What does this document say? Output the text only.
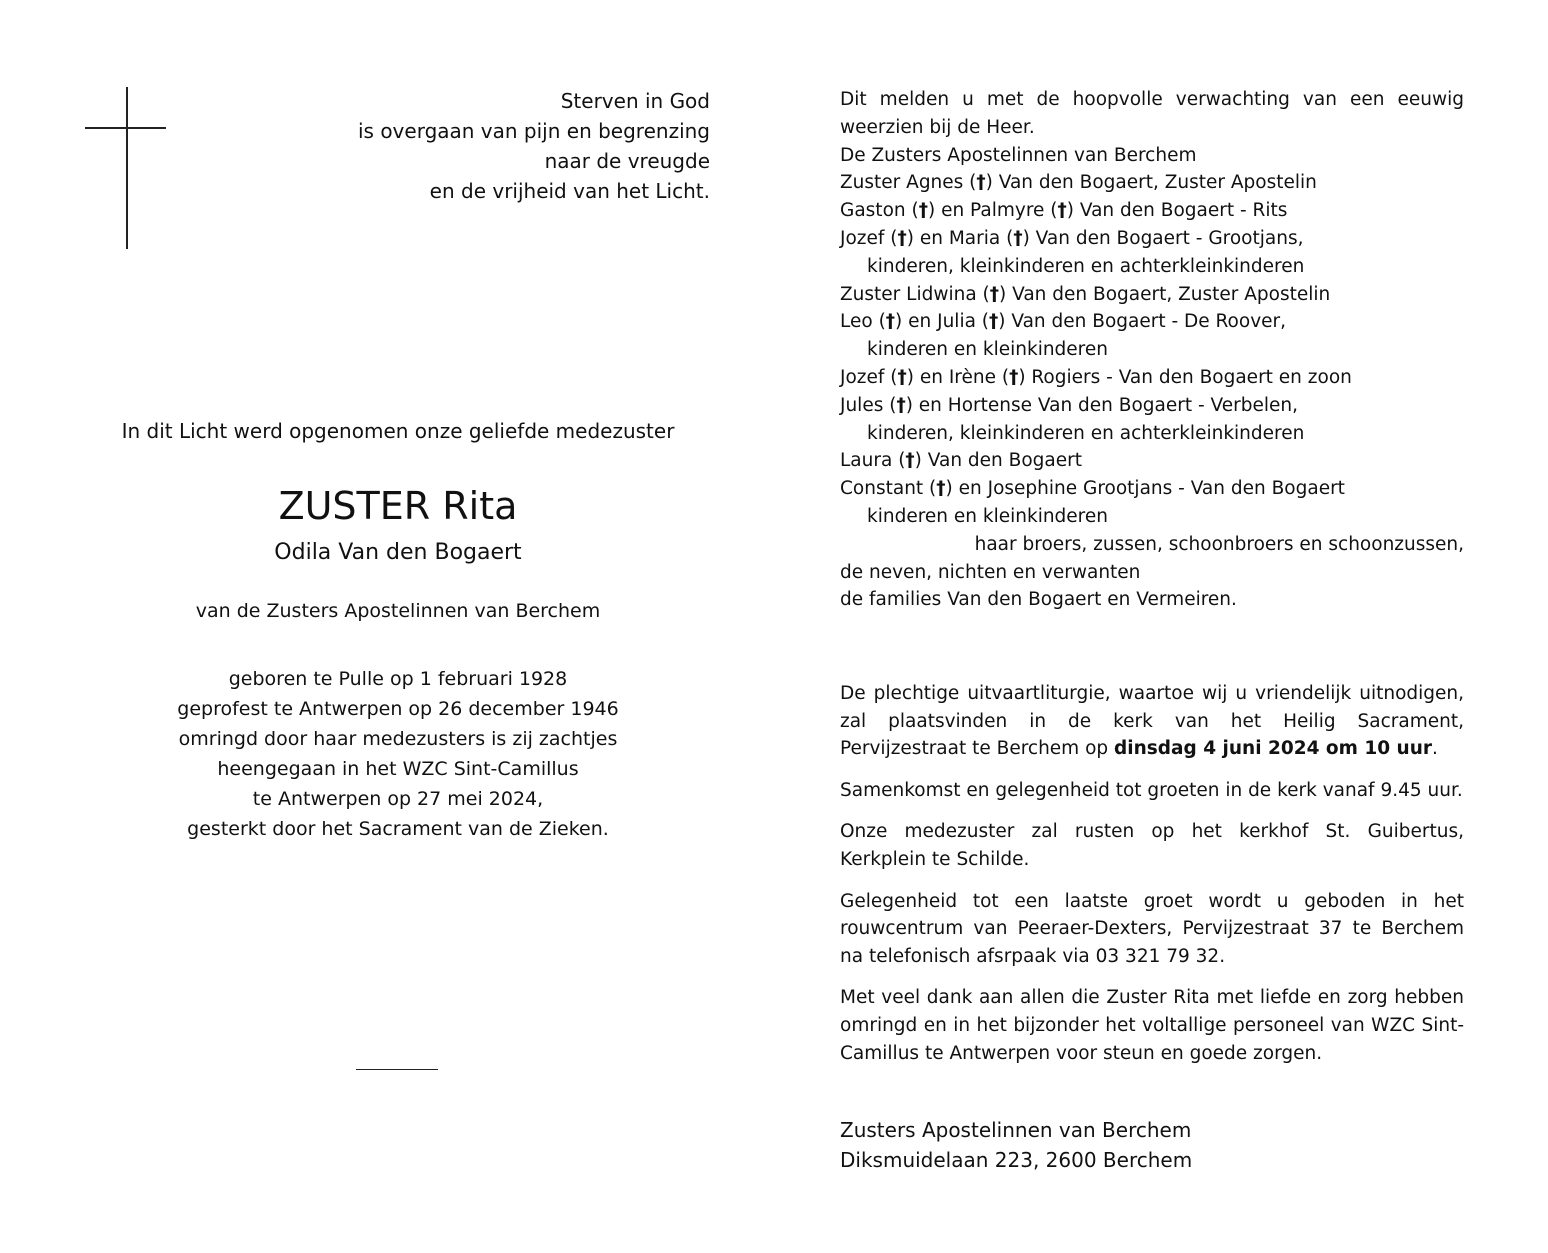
Sterven in God
is overgaan van pijn en begrenzing
naar de vreugde
en de vrijheid van het Licht.
In dit Licht werd opgenomen onze geliefde medezuster
ZUSTER Rita
Odila Van den Bogaert
van de Zusters Apostelinnen van Berchem
geboren te Pulle op 1 februari 1928
geprofest te Antwerpen op 26 december 1946
omringd door haar medezusters is zij zachtjes
heengegaan in het WZC Sint-Camillus
te Antwerpen op 27 mei 2024,
gesterkt door het Sacrament van de Zieken.
Dit melden u met de hoopvolle verwachting van een eeuwig weerzien bij de Heer.
De Zusters Apostelinnen van Berchem
Zuster Agnes (†) Van den Bogaert, Zuster Apostelin
Gaston (†) en Palmyre (†) Van den Bogaert - Rits
Jozef (†) en Maria (†) Van den Bogaert - Grootjans,
kinderen, kleinkinderen en achterkleinkinderen
Zuster Lidwina (†) Van den Bogaert, Zuster Apostelin
Leo (†) en Julia (†) Van den Bogaert - De Roover,
kinderen en kleinkinderen
Jozef (†) en Irène (†) Rogiers - Van den Bogaert en zoon
Jules (†) en Hortense Van den Bogaert - Verbelen,
kinderen, kleinkinderen en achterkleinkinderen
Laura (†) Van den Bogaert
Constant (†) en Josephine Grootjans - Van den Bogaert
kinderen en kleinkinderen
haar broers, zussen, schoonbroers en schoonzussen,
de neven, nichten en verwanten
de families Van den Bogaert en Vermeiren.

De plechtige uitvaartliturgie, waartoe wij u vriendelijk uitnodigen, zal plaatsvinden in de kerk van het Heilig Sacrament, Pervijzestraat te Berchem op dinsdag 4 juni 2024 om 10 uur.

Samenkomst en gelegenheid tot groeten in de kerk vanaf 9.45 uur.

Onze medezuster zal rusten op het kerkhof St. Guibertus, Kerkplein te Schilde.

Gelegenheid tot een laatste groet wordt u geboden in het rouwcentrum van Peeraer-Dexters, Pervijzestraat 37 te Berchem na telefonisch afsrpaak via 03 321 79 32.

Met veel dank aan allen die Zuster Rita met liefde en zorg hebben omringd en in het bijzonder het voltallige personeel van WZC Sint-Camillus te Antwerpen voor steun en goede zorgen.

Zusters Apostelinnen van Berchem
Diksmuidelaan 223, 2600 Berchem
